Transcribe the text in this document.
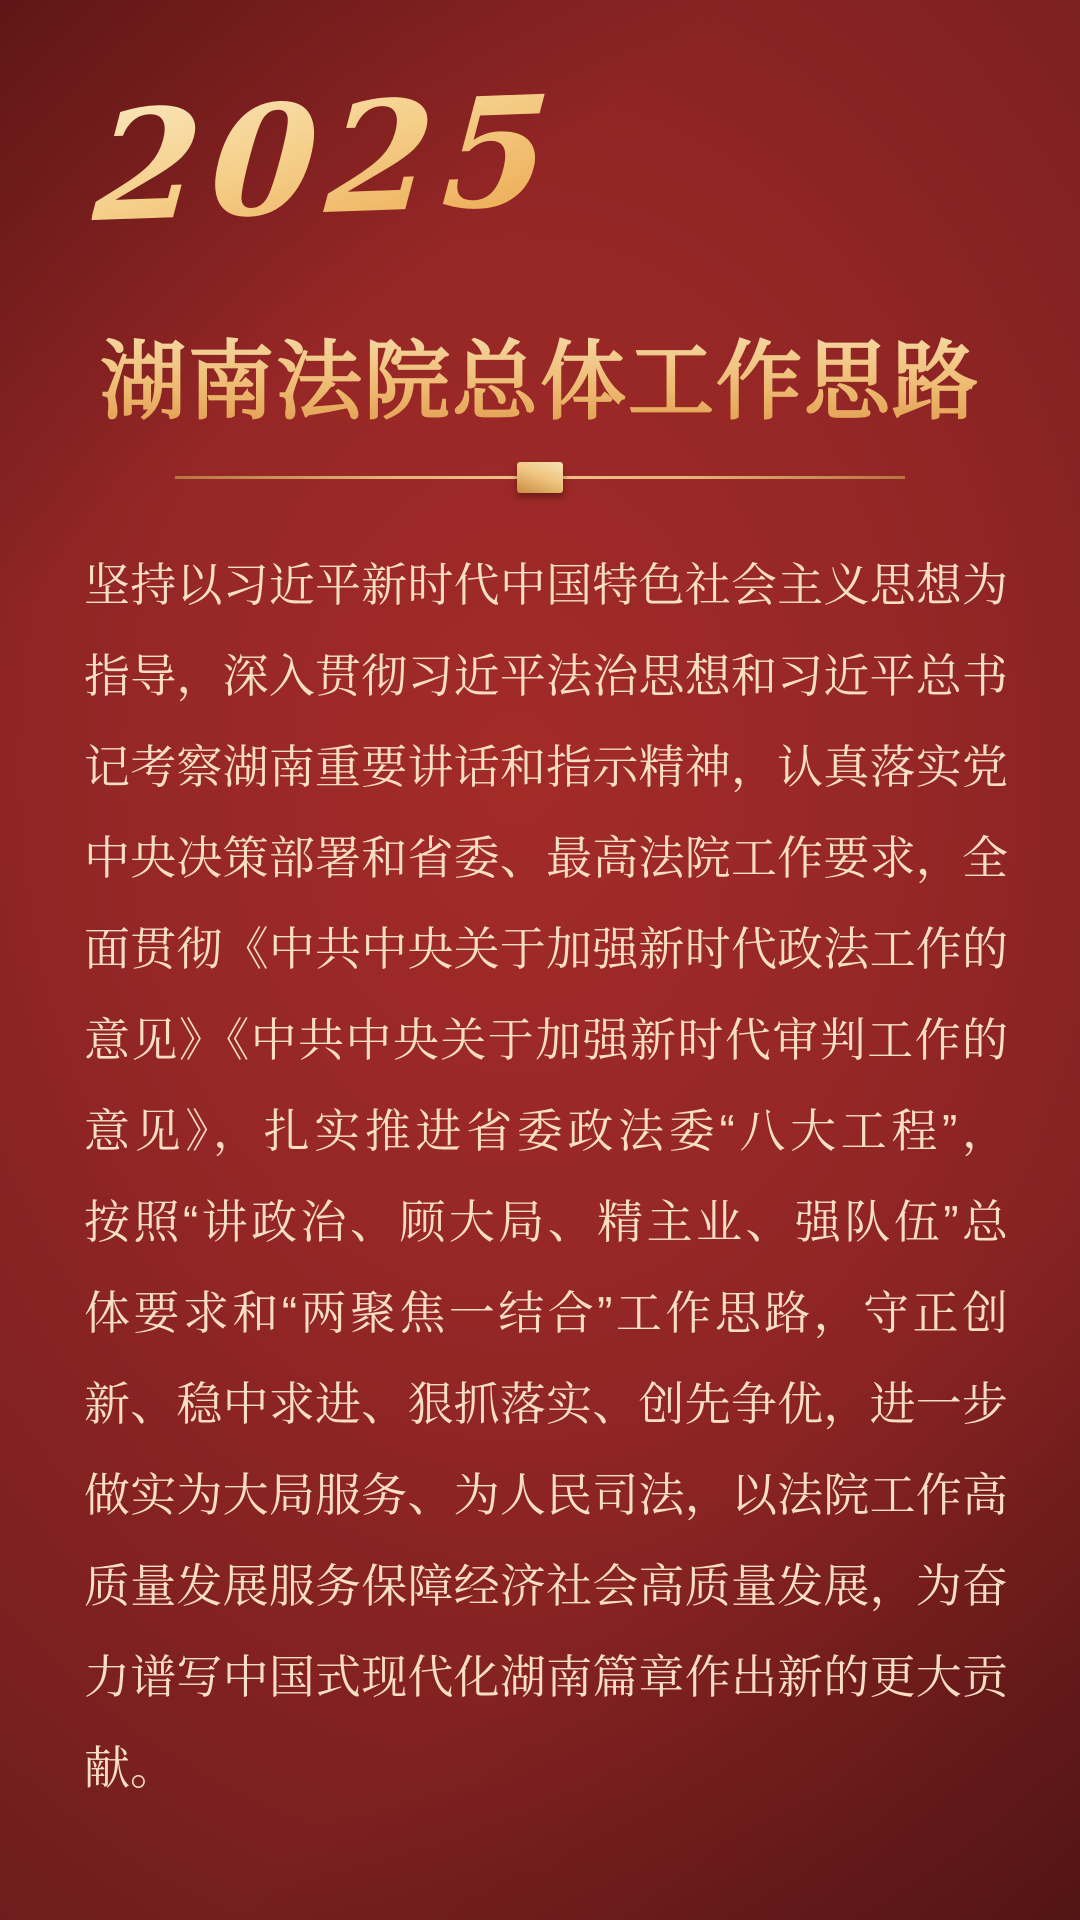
2025
湖南法院总体工作思路
坚持以习近平新时代中国特色社会主义思想为
指导，深入贯彻习近平法治思想和习近平总书
记考察湖南重要讲话和指示精神，认真落实党
中央决策部署和省委、最高法院工作要求，全
面贯彻《中共中央关于加强新时代政法工作的
意见》《中共中央关于加强新时代审判工作的
意见》，扎实推进省委政法委“八大工程”，
按照“讲政治、顾大局、精主业、强队伍”总
体要求和“两聚焦一结合”工作思路，守正创
新、稳中求进、狠抓落实、创先争优，进一步
做实为大局服务、为人民司法，以法院工作高
质量发展服务保障经济社会高质量发展，为奋
力谱写中国式现代化湖南篇章作出新的更大贡
献。
